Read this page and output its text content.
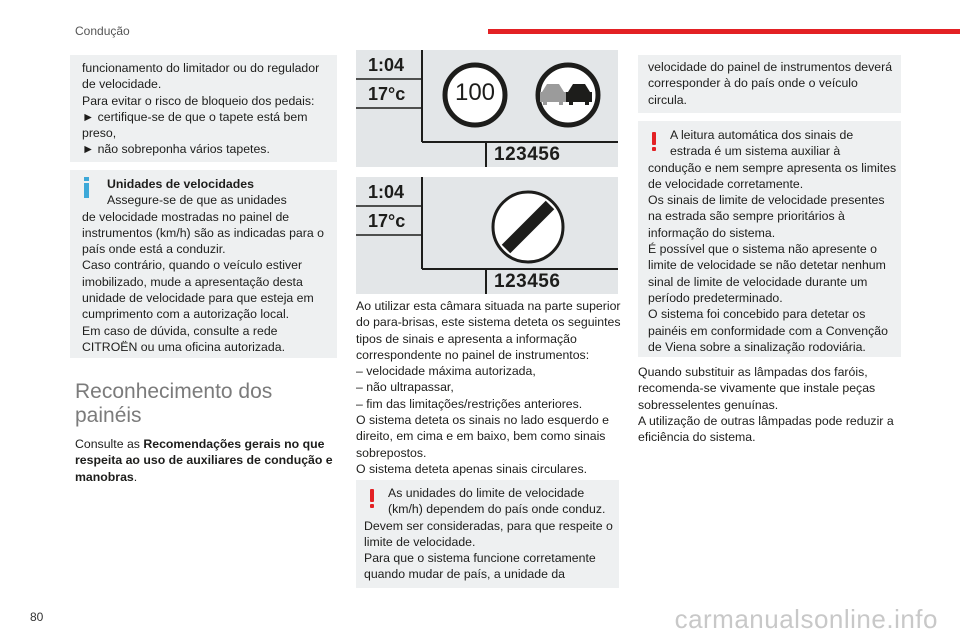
Condução
funcionamento do limitador ou do regulador
de velocidade.
Para evitar o risco de bloqueio dos pedais:
► certifique-se de que o tapete está bem
preso,
► não sobreponha vários tapetes.
Unidades de velocidades
Assegure-se de que as unidades
de velocidade mostradas no painel de
instrumentos (km/h) são as indicadas para o
país onde está a conduzir.
Caso contrário, quando o veículo estiver
imobilizado, mude a apresentação desta
unidade de velocidade para que esteja em
cumprimento com a autorização local.
Em caso de dúvida, consulte a rede
CITROËN ou uma oficina autorizada.
Reconhecimento dos
painéis
Consulte as Recomendações gerais no que
respeita ao uso de auxiliares de condução e
manobras.
1:04
17°c 100
123456
1:04
17°c
123456
Ao utilizar esta câmara situada na parte superior
do para-brisas, este sistema deteta os seguintes
tipos de sinais e apresenta a informação
correspondente no painel de instrumentos:
– velocidade máxima autorizada,
– não ultrapassar,
– fim das limitações/restrições anteriores.
O sistema deteta os sinais no lado esquerdo e
direito, em cima e em baixo, bem como sinais
sobrepostos.
O sistema deteta apenas sinais circulares.
As unidades do limite de velocidade
(km/h) dependem do país onde conduz.
Devem ser consideradas, para que respeite o
limite de velocidade.
Para que o sistema funcione corretamente
quando mudar de país, a unidade da
velocidade do painel de instrumentos deverá
corresponder à do país onde o veículo
circula.
A leitura automática dos sinais de
estrada é um sistema auxiliar à
condução e nem sempre apresenta os limites
de velocidade corretamente.
Os sinais de limite de velocidade presentes
na estrada são sempre prioritários à
informação do sistema.
É possível que o sistema não apresente o
limite de velocidade se não detetar nenhum
sinal de limite de velocidade durante um
período predeterminado.
O sistema foi concebido para detetar os
painéis em conformidade com a Convenção
de Viena sobre a sinalização rodoviária.
Quando substituir as lâmpadas dos faróis,
recomenda-se vivamente que instale peças
sobresselentes genuínas.
A utilização de outras lâmpadas pode reduzir a
eficiência do sistema.
80	carmanualsonline.info
